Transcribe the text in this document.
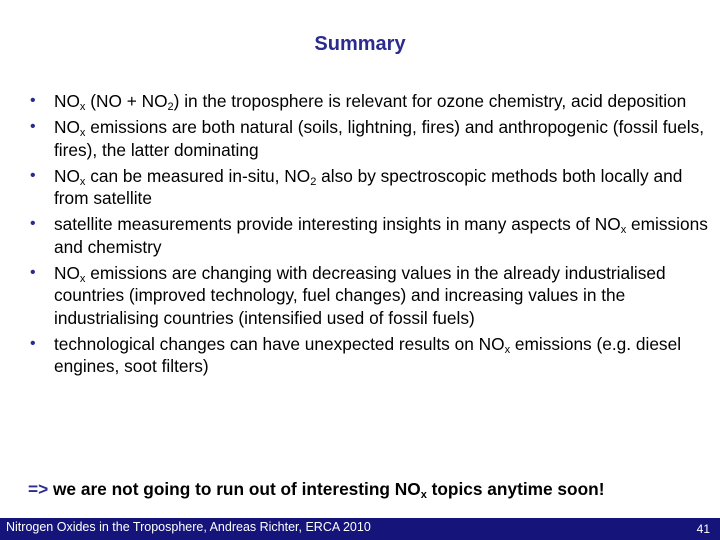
Summary
• $NO_x$ $(NO + NO_2)$ in the troposphere is relevant for ozone chemistry, acid deposition
• $NO_x$ emissions are both natural (soils, lightning, fires) and anthropogenic (fossil fuels, fires), the latter dominating
• $NO_x$ can be measured in-situ, $NO_2$ also by spectroscopic methods both locally and from satellite
• satellite measurements provide interesting insights in many aspects of $NO_x$ emissions and chemistry
• $NO_x$ emissions are changing with decreasing values in the already industrialised countries (improved technology, fuel changes) and increasing values in the industrialising countries (intensified used of fossil fuels)
• technological changes can have unexpected results on $NO_x$ emissions (e.g. diesel engines, soot filters)
=> we are not going to run out of interesting $NO_x$ topics anytime soon!
Nitrogen Oxides in the Troposphere, Andreas Richter, ERCA 2010	41
